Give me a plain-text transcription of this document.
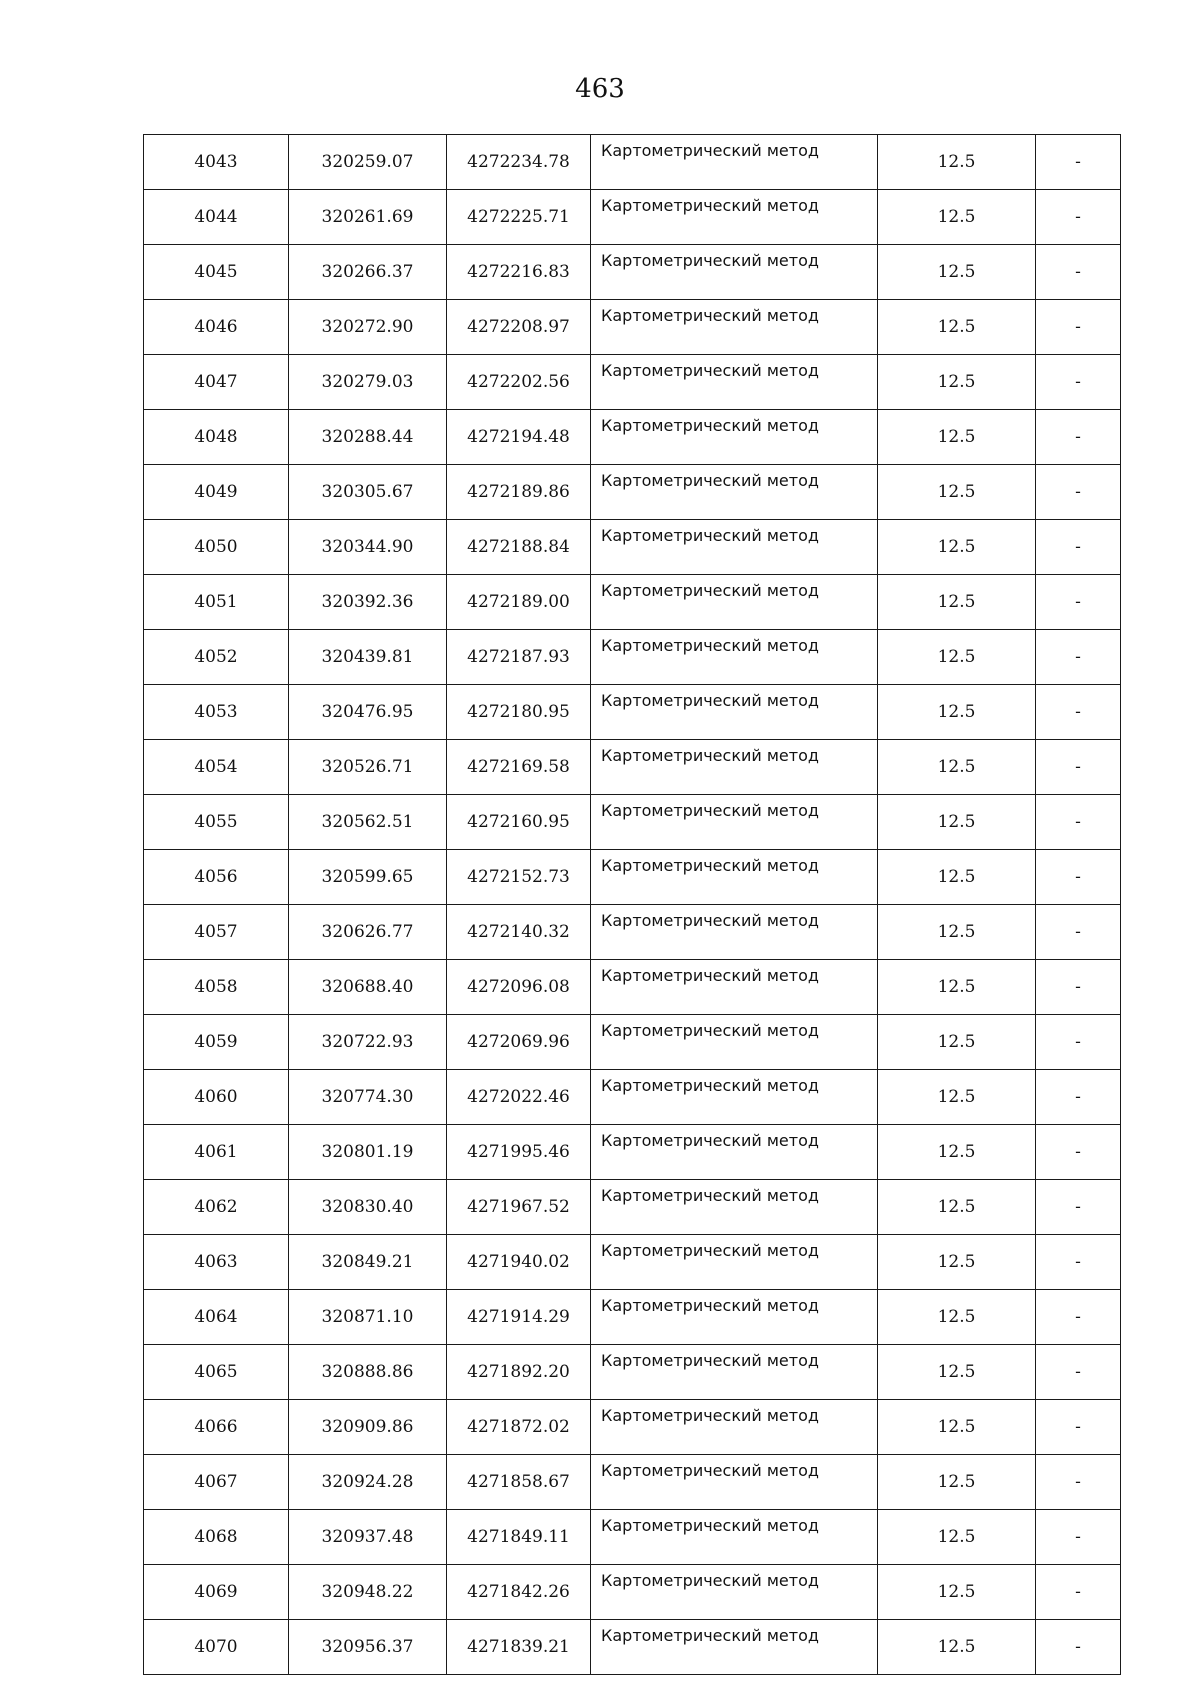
463
4043	320259.07	4272234.78	Картометрический метод	12.5	-
4044	320261.69	4272225.71	Картометрический метод	12.5	-
4045	320266.37	4272216.83	Картометрический метод	12.5	-
4046	320272.90	4272208.97	Картометрический метод	12.5	-
4047	320279.03	4272202.56	Картометрический метод	12.5	-
4048	320288.44	4272194.48	Картометрический метод	12.5	-
4049	320305.67	4272189.86	Картометрический метод	12.5	-
4050	320344.90	4272188.84	Картометрический метод	12.5	-
4051	320392.36	4272189.00	Картометрический метод	12.5	-
4052	320439.81	4272187.93	Картометрический метод	12.5	-
4053	320476.95	4272180.95	Картометрический метод	12.5	-
4054	320526.71	4272169.58	Картометрический метод	12.5	-
4055	320562.51	4272160.95	Картометрический метод	12.5	-
4056	320599.65	4272152.73	Картометрический метод	12.5	-
4057	320626.77	4272140.32	Картометрический метод	12.5	-
4058	320688.40	4272096.08	Картометрический метод	12.5	-
4059	320722.93	4272069.96	Картометрический метод	12.5	-
4060	320774.30	4272022.46	Картометрический метод	12.5	-
4061	320801.19	4271995.46	Картометрический метод	12.5	-
4062	320830.40	4271967.52	Картометрический метод	12.5	-
4063	320849.21	4271940.02	Картометрический метод	12.5	-
4064	320871.10	4271914.29	Картометрический метод	12.5	-
4065	320888.86	4271892.20	Картометрический метод	12.5	-
4066	320909.86	4271872.02	Картометрический метод	12.5	-
4067	320924.28	4271858.67	Картометрический метод	12.5	-
4068	320937.48	4271849.11	Картометрический метод	12.5	-
4069	320948.22	4271842.26	Картометрический метод	12.5	-
4070	320956.37	4271839.21	Картометрический метод	12.5	-
